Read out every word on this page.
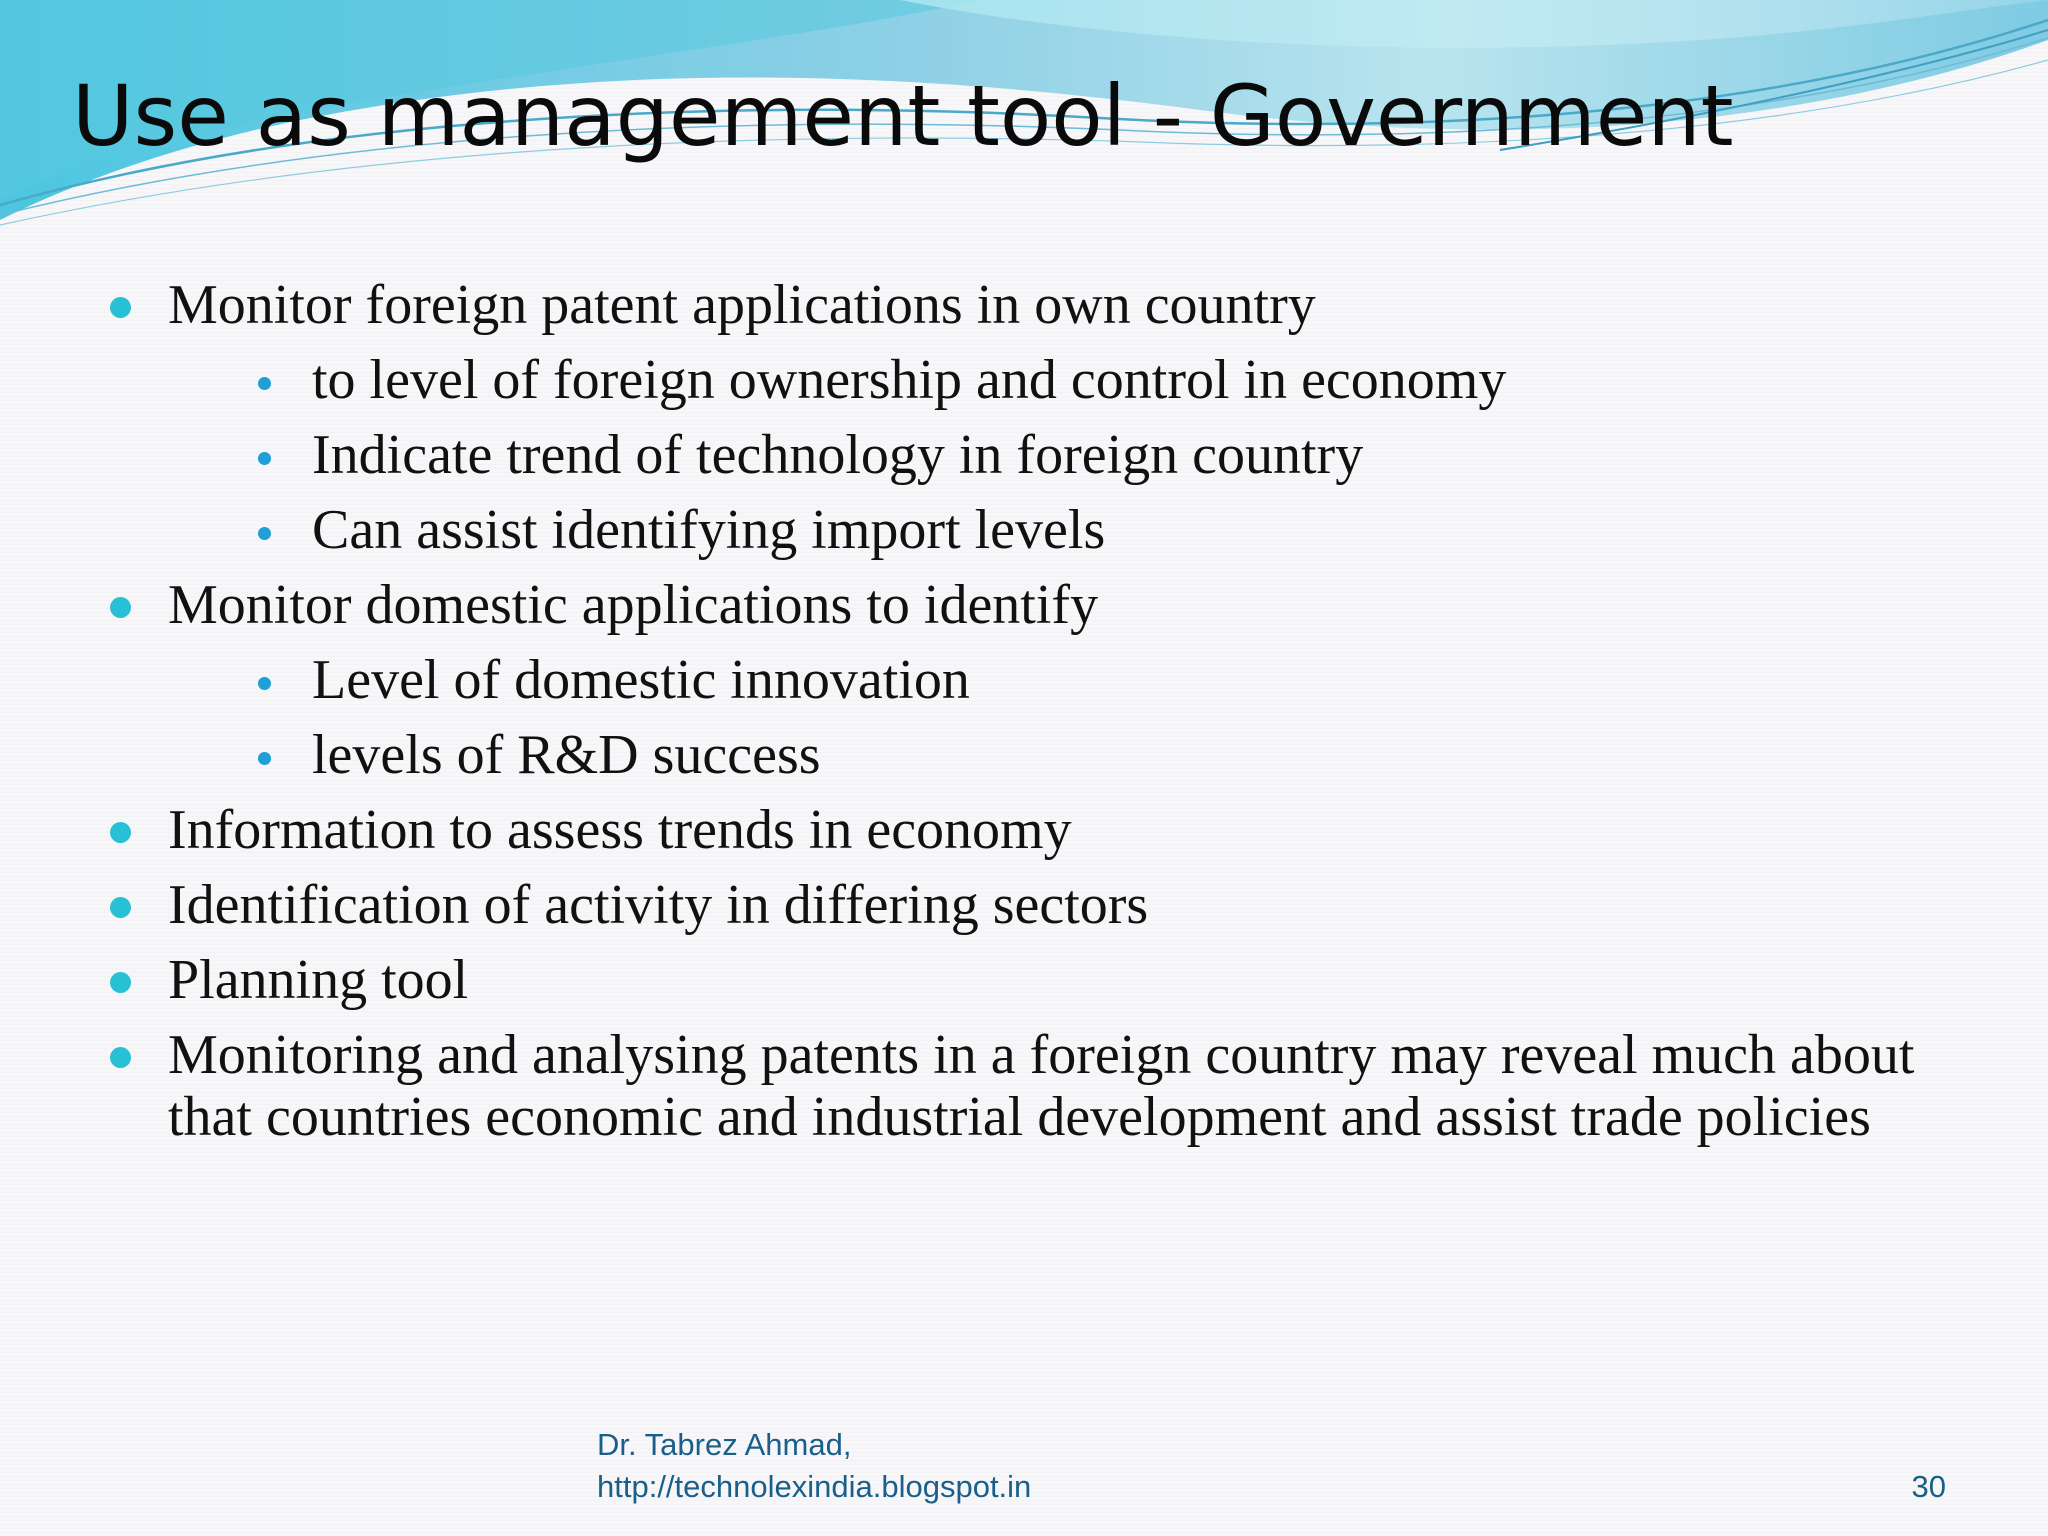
Use as management tool - Government
Monitor foreign patent applications in own country
to level of foreign ownership and control in economy
Indicate trend of technology in foreign country
Can assist identifying import levels
Monitor domestic applications to identify
Level of domestic innovation
levels of R&D success
Information to assess trends in economy
Identification of activity in differing sectors
Planning tool
Monitoring and analysing patents in a foreign country may reveal much about that countries economic and industrial development and assist trade policies
Dr. Tabrez Ahmad,
http://technolexindia.blogspot.in	30
